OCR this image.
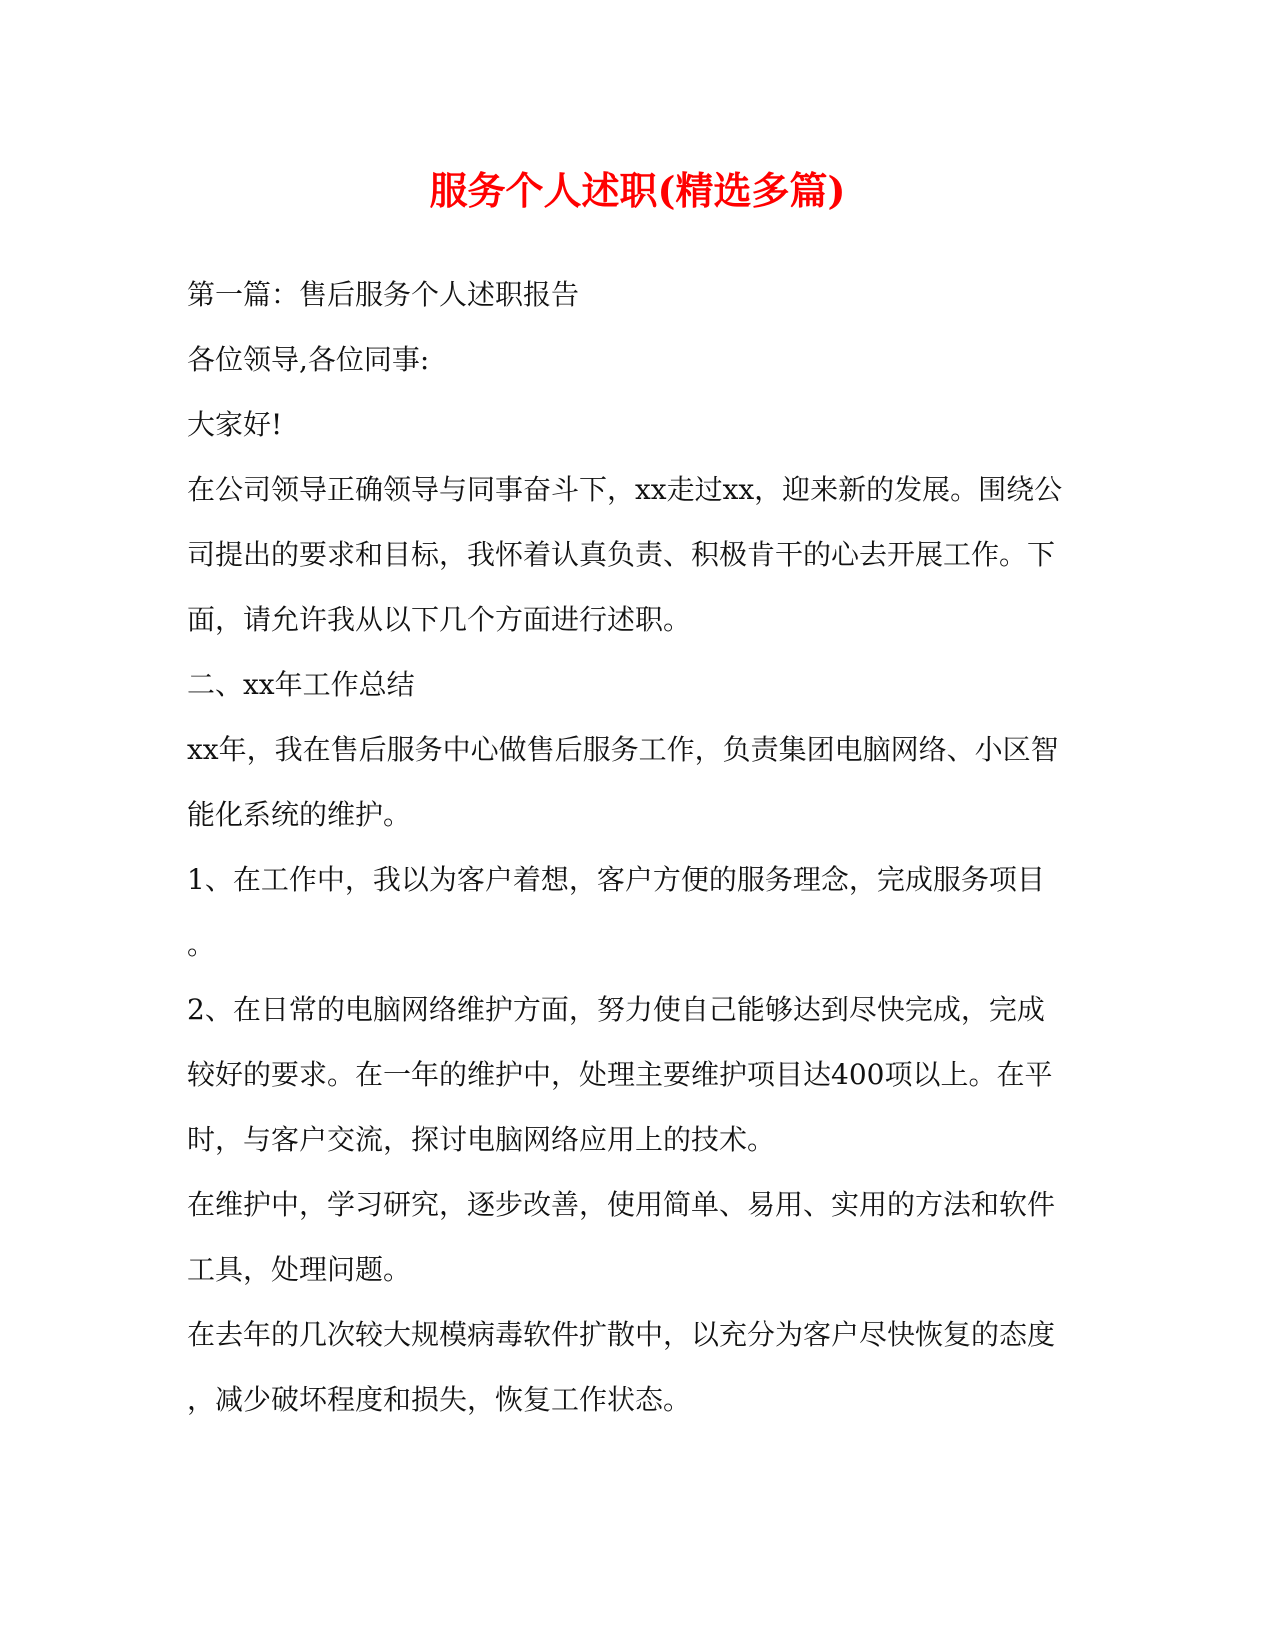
服务个人述职(精选多篇)
第一篇：售后服务个人述职报告
各位领导,各位同事:
大家好!
在公司领导正确领导与同事奋斗下，xx走过xx，迎来新的发展。围绕公
司提出的要求和目标，我怀着认真负责、积极肯干的心去开展工作。下
面，请允许我从以下几个方面进行述职。
二、xx年工作总结
xx年，我在售后服务中心做售后服务工作，负责集团电脑网络、小区智
能化系统的维护。
1、在工作中，我以为客户着想，客户方便的服务理念，完成服务项目
。
2、在日常的电脑网络维护方面，努力使自己能够达到尽快完成，完成
较好的要求。在一年的维护中，处理主要维护项目达400项以上。在平
时，与客户交流，探讨电脑网络应用上的技术。
在维护中，学习研究，逐步改善，使用简单、易用、实用的方法和软件
工具，处理问题。
在去年的几次较大规模病毒软件扩散中，以充分为客户尽快恢复的态度
，减少破坏程度和损失，恢复工作状态。
